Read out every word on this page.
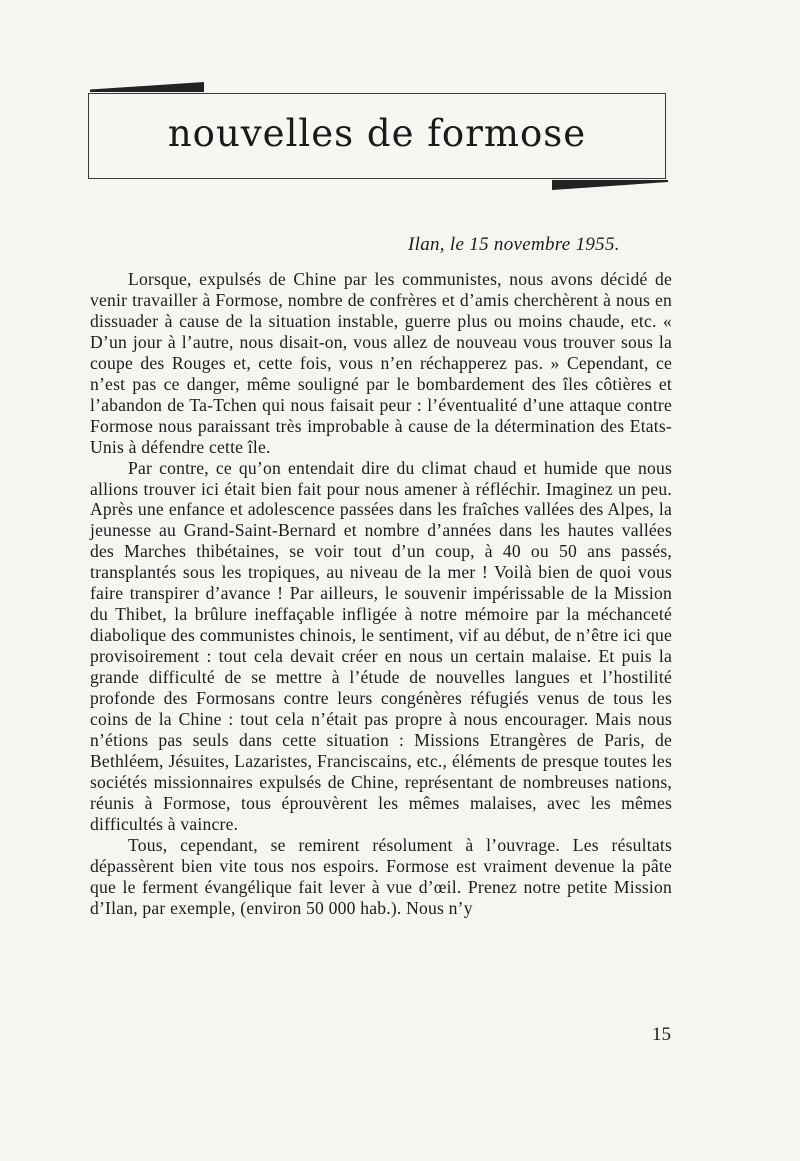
nouvelles de formose
Ilan, le 15 novembre 1955.

Lorsque, expulsés de Chine par les communistes, nous avons décidé de venir travailler à Formose, nombre de confrères et d’amis cherchèrent à nous en dissuader à cause de la situation instable, guerre plus ou moins chaude, etc. « D’un jour à l’autre, nous disait-on, vous allez de nouveau vous trouver sous la coupe des Rouges et, cette fois, vous n’en réchapperez pas. » Cependant, ce n’est pas ce danger, même souligné par le bombardement des îles côtières et l’abandon de Ta-Tchen qui nous faisait peur : l’éventualité d’une attaque contre Formose nous paraissant très improbable à cause de la détermination des Etats-Unis à défendre cette île.

Par contre, ce qu’on entendait dire du climat chaud et humide que nous allions trouver ici était bien fait pour nous amener à réfléchir. Imaginez un peu. Après une enfance et adolescence passées dans les fraîches vallées des Alpes, la jeunesse au Grand-Saint-Bernard et nombre d’années dans les hautes vallées des Marches thibétaines, se voir tout d’un coup, à 40 ou 50 ans passés, transplantés sous les tropiques, au niveau de la mer ! Voilà bien de quoi vous faire transpirer d’avance ! Par ailleurs, le souvenir impérissable de la Mission du Thibet, la brûlure ineffaçable infligée à notre mémoire par la méchanceté diabolique des communistes chinois, le sentiment, vif au début, de n’être ici que provisoirement : tout cela devait créer en nous un certain malaise. Et puis la grande difficulté de se mettre à l’étude de nouvelles langues et l’hostilité profonde des Formosans contre leurs congénères réfugiés venus de tous les coins de la Chine : tout cela n’était pas propre à nous encourager. Mais nous n’étions pas seuls dans cette situation : Missions Etrangères de Paris, de Bethléem, Jésuites, Lazaristes, Franciscains, etc., éléments de presque toutes les sociétés missionnaires expulsés de Chine, représentant de nombreuses nations, réunis à Formose, tous éprouvèrent les mêmes malaises, avec les mêmes difficultés à vaincre.

Tous, cependant, se remirent résolument à l’ouvrage. Les résultats dépassèrent bien vite tous nos espoirs. Formose est vraiment devenue la pâte que le ferment évangélique fait lever à vue d’œil. Prenez notre petite Mission d’Ilan, par exemple, (environ 50 000 hab.). Nous n’y

15
